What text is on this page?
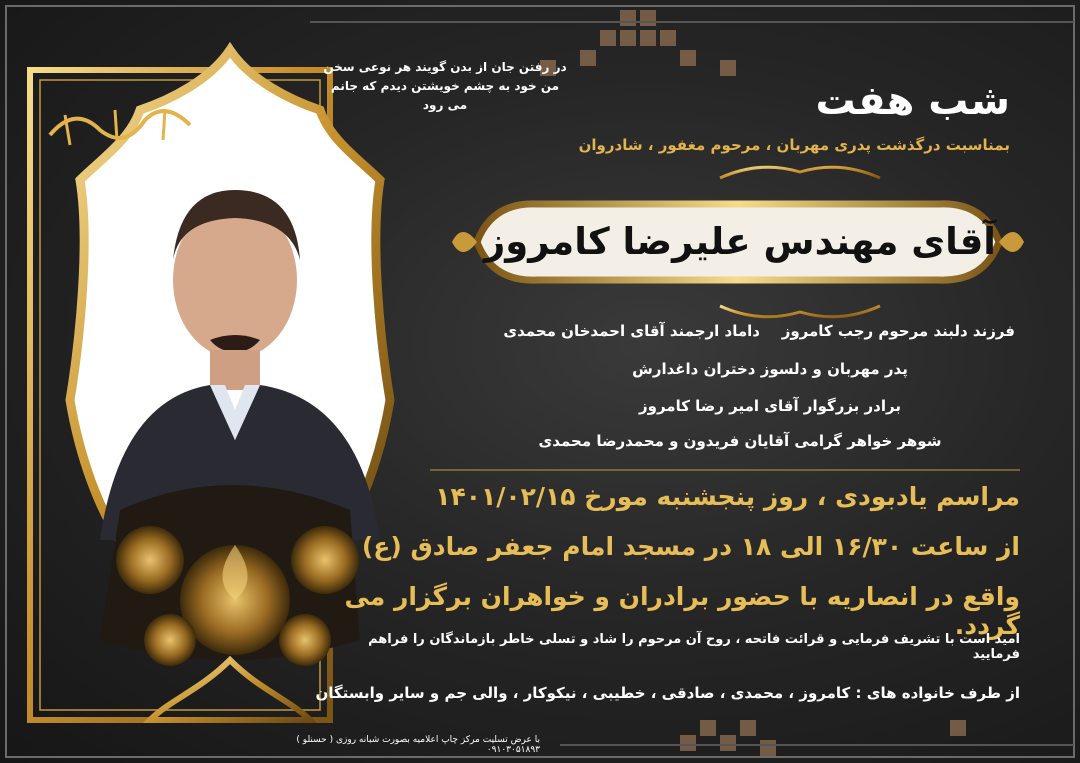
در رفتن جان از بدن گویند هر نوعی سخن
من خود به چشم خویشتن دیدم که جانم می رود	شب هفت
بمناسبت درگذشت پدری مهربان ، مرحوم مغفور ، شادروان
آقای مهندس علیرضا کامروز
فرزند دلبند مرحوم رجب کامروز
داماد ارجمند آقای احمدخان محمدی
پدر مهربان و دلسوز دختران داغدارش
برادر بزرگوار آقای امیر رضا کامروز
شوهر خواهر گرامی آقایان فریدون و محمدرضا محمدی
مراسم یادبودی ، روز پنجشنبه مورخ ۱۴۰۱/۰۲/۱۵
از ساعت ۱۶/۳۰ الی ۱۸ در مسجد امام جعفر صادق (ع)
واقع در انصاریه با حضور برادران و خواهران برگزار می گردد.
امید است با تشریف فرمایی و قرائت فاتحه ، روح آن مرحوم را شاد و تسلی خاطر بازماندگان را فراهم فرمایید
از طرف خانواده های : کامروز ، محمدی ، صادقی ، خطیبی ، نیکوکار ، والی جم و سایر وابستگان
با عرض تسلیت مرکز چاپ اعلامیه بصورت شبانه روزی ( حسنلو ) ۰۹۱۰۳۰۵۱۸۹۳
